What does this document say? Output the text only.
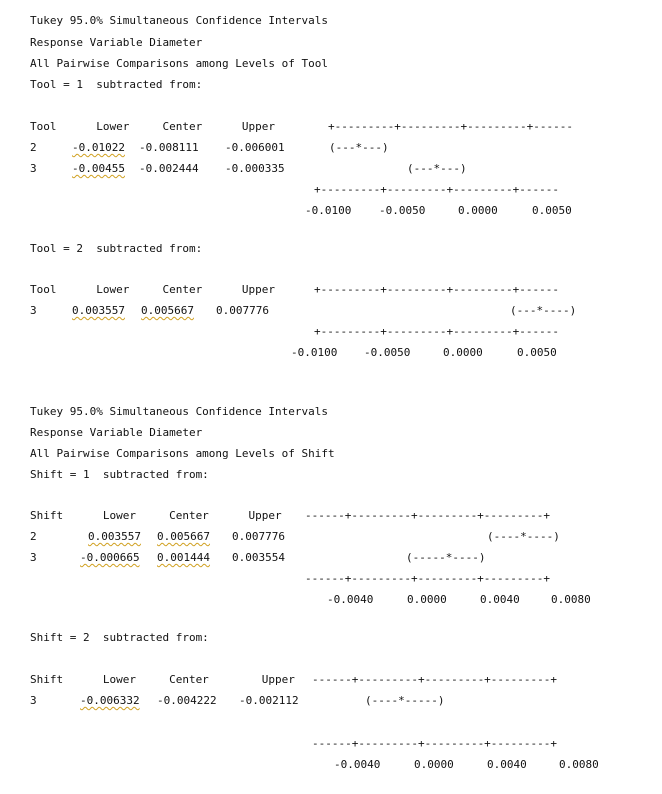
Tukey 95.0% Simultaneous Confidence Intervals
Response Variable Diameter
All Pairwise Comparisons among Levels of Tool
Tool = 1  subtracted from:
Tool      Lower     Center      Upper	+---------+---------+---------+------
2	-0.01022 -0.008111 -0.006001	(---*---)
3	-0.00455 -0.002444 -0.000335	(---*---)
+---------+---------+---------+------
-0.0100	-0.0050	0.0000	0.0050
Tool = 2  subtracted from:
Tool      Lower     Center      Upper	+---------+---------+---------+------
3	0.003557 0.005667 0.007776	(---*----)
+---------+---------+---------+------
-0.0100 -0.0050	0.0000	0.0050
Tukey 95.0% Simultaneous Confidence Intervals
Response Variable Diameter
All Pairwise Comparisons among Levels of Shift
Shift = 1  subtracted from:
Shift      Lower     Center      Upper ------+---------+---------+---------+
2	0.003557 0.005667 0.007776	(----*----)
3	-0.000665 0.001444 0.003554	(-----*----)
------+---------+---------+---------+
-0.0040	0.0000	0.0040	0.0080
Shift = 2  subtracted from:
Shift      Lower     Center        Upper ------+---------+---------+---------+
3	-0.006332 -0.004222 -0.002112	(----*-----)
------+---------+---------+---------+
-0.0040	0.0000	0.0040	0.0080
